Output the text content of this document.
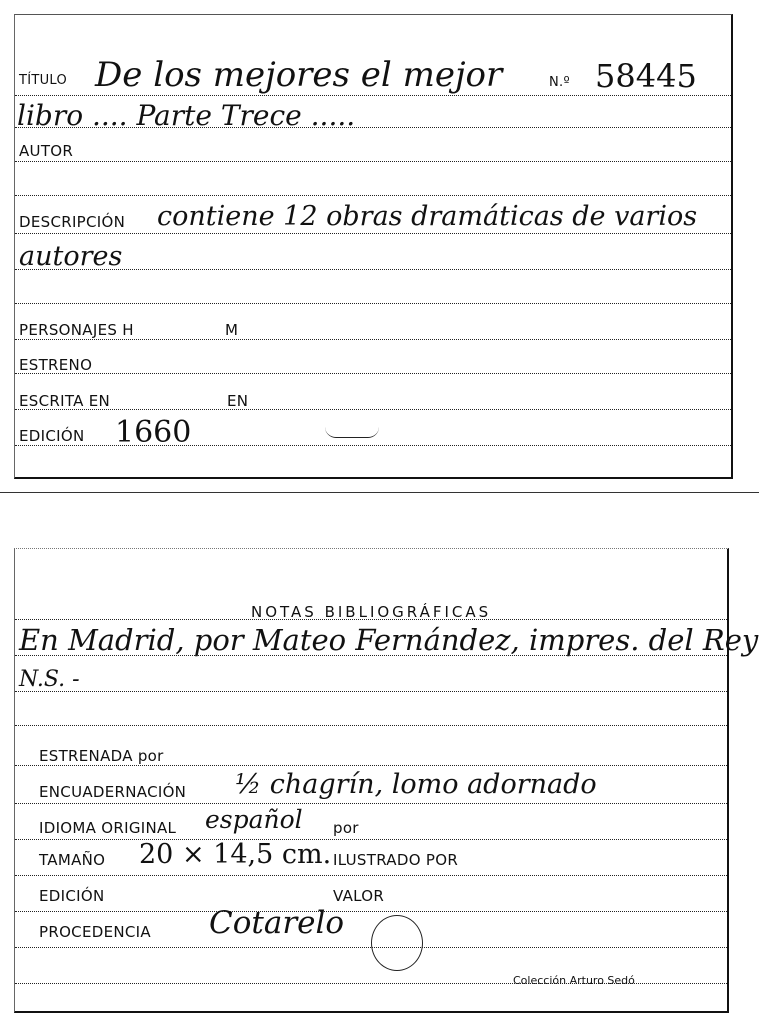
TÍTULO De los mejores el mejor	N.º 58445
libro .... Parte Trece .....
AUTOR
DESCRIPCIÓN contiene 12 obras dramáticas de varios
autores
PERSONAJES H	M
ESTRENO
ESCRITA EN	EN
EDICIÓN 1660
NOTAS BIBLIOGRÁFICAS
En Madrid, por Mateo Fernández, impres. del Rey
N.S. -
ESTRENADA por
ENCUADERNACIÓN ½ chagrín, lomo adornado
IDIOMA ORIGINAL español por
TAMAÑO 20 × 14,5 cm. ILUSTRADO POR
EDICIÓN	VALOR
PROCEDENCIA Cotarelo
Colección Arturo Sedó
